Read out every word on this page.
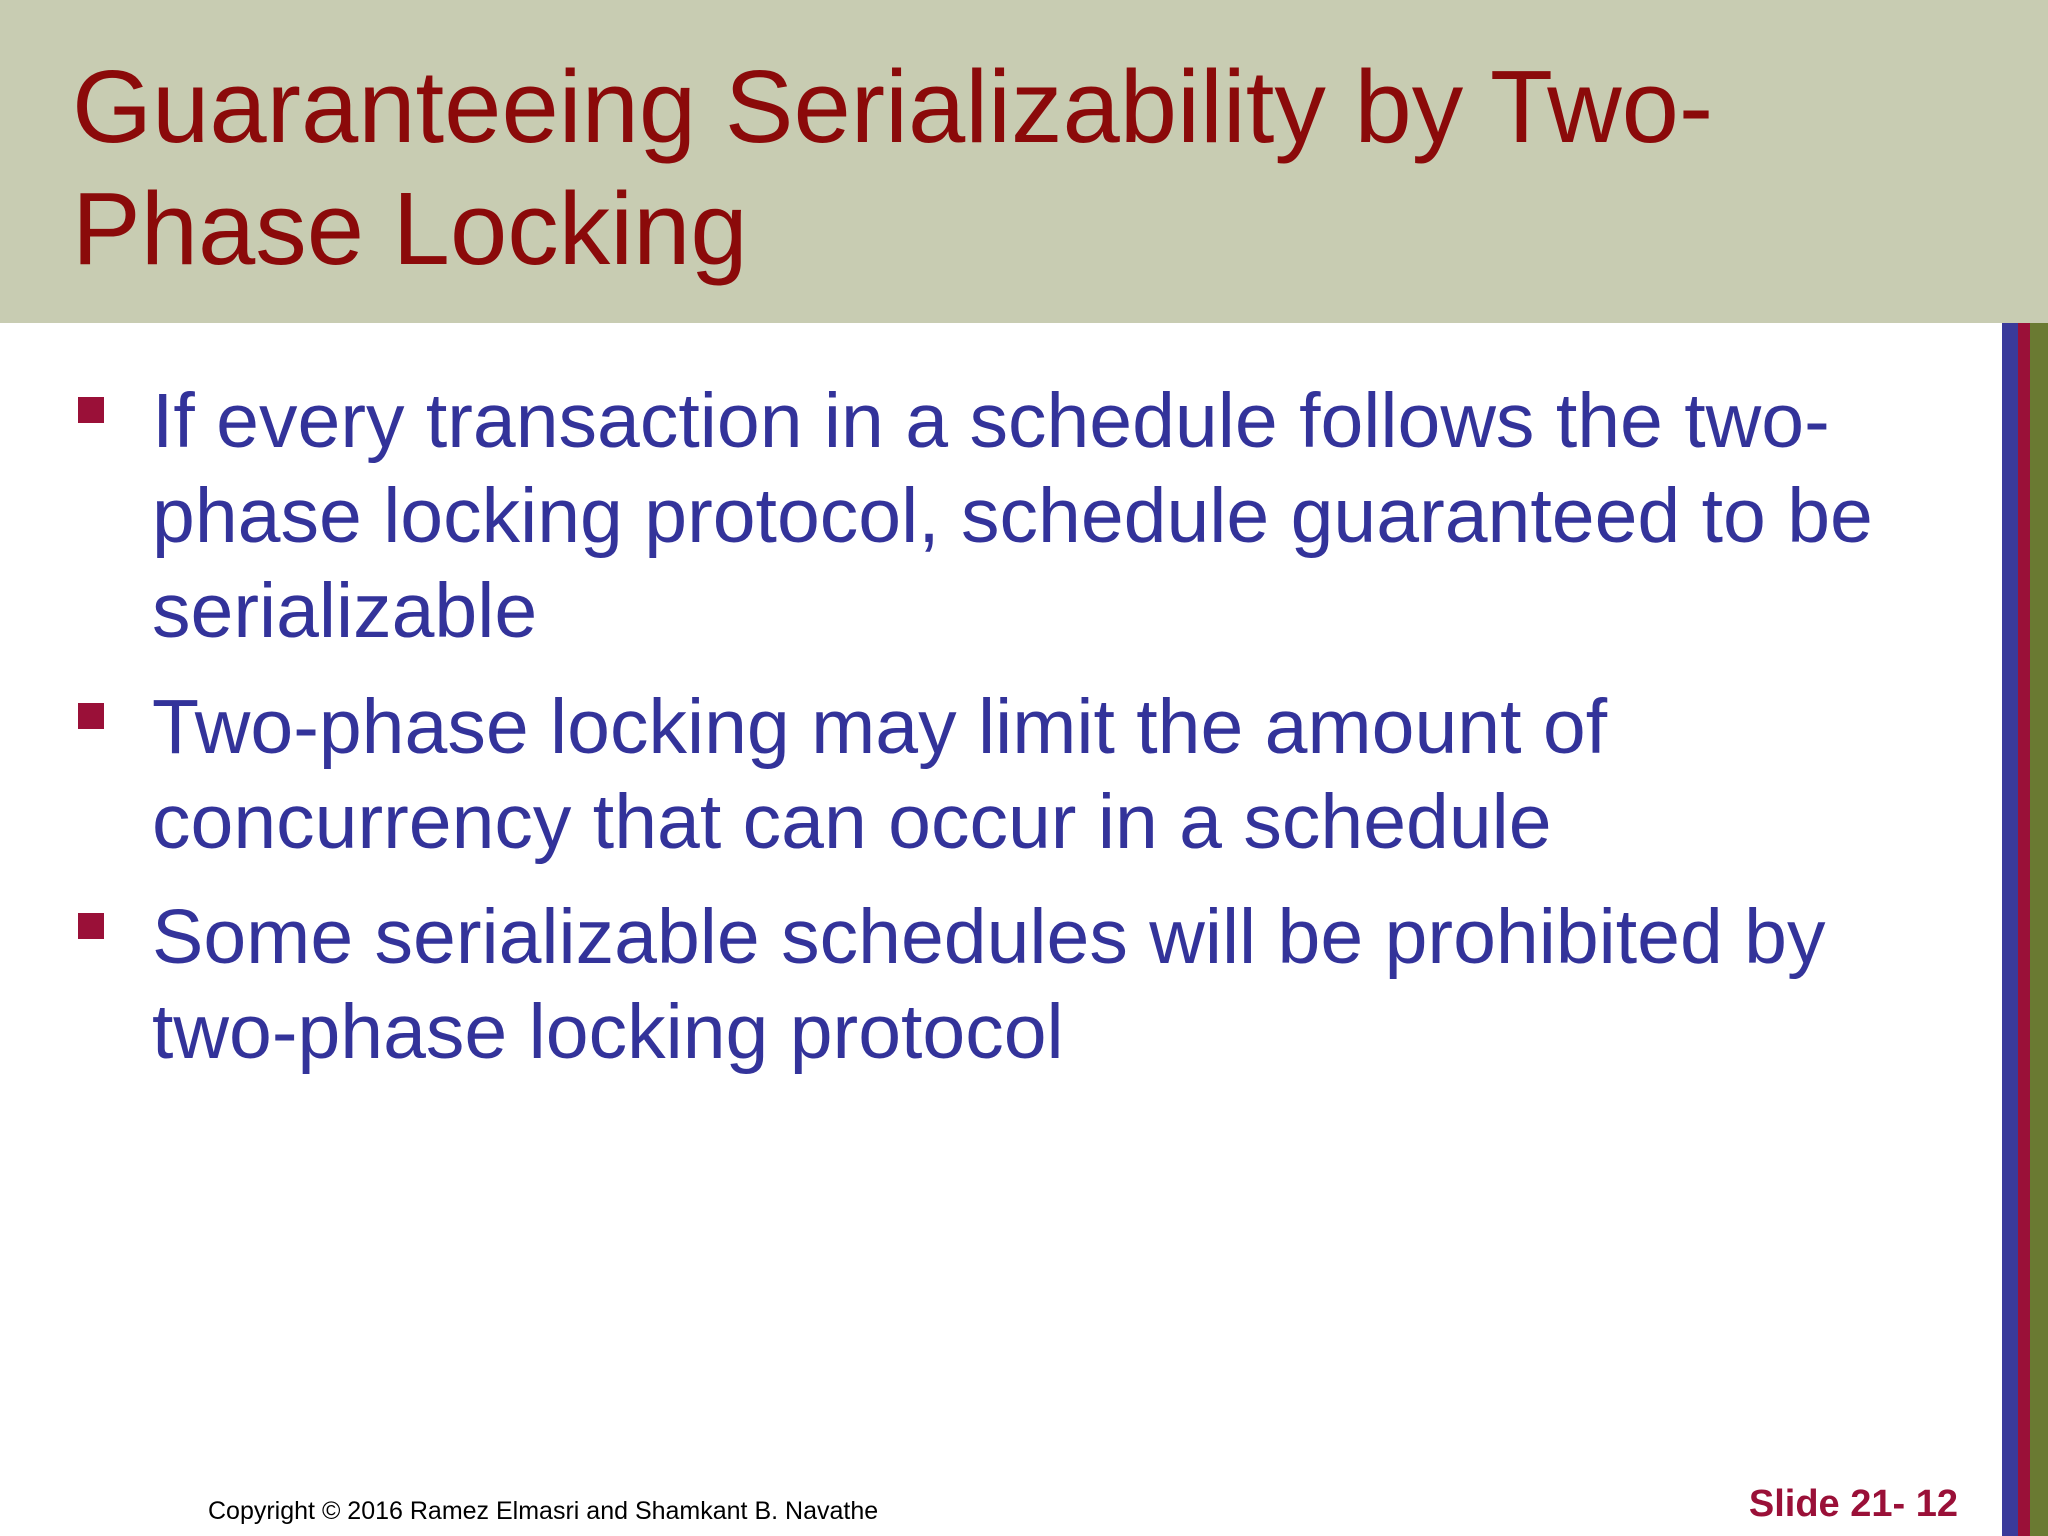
Guaranteeing Serializability by Two-Phase Locking
If every transaction in a schedule follows the two-phase locking protocol, schedule guaranteed to be serializable
Two-phase locking may limit the amount of concurrency that can occur in a schedule
Some serializable schedules will be prohibited by two-phase locking protocol
Copyright © 2016 Ramez Elmasri and Shamkant B. Navathe	Slide 21- 12
